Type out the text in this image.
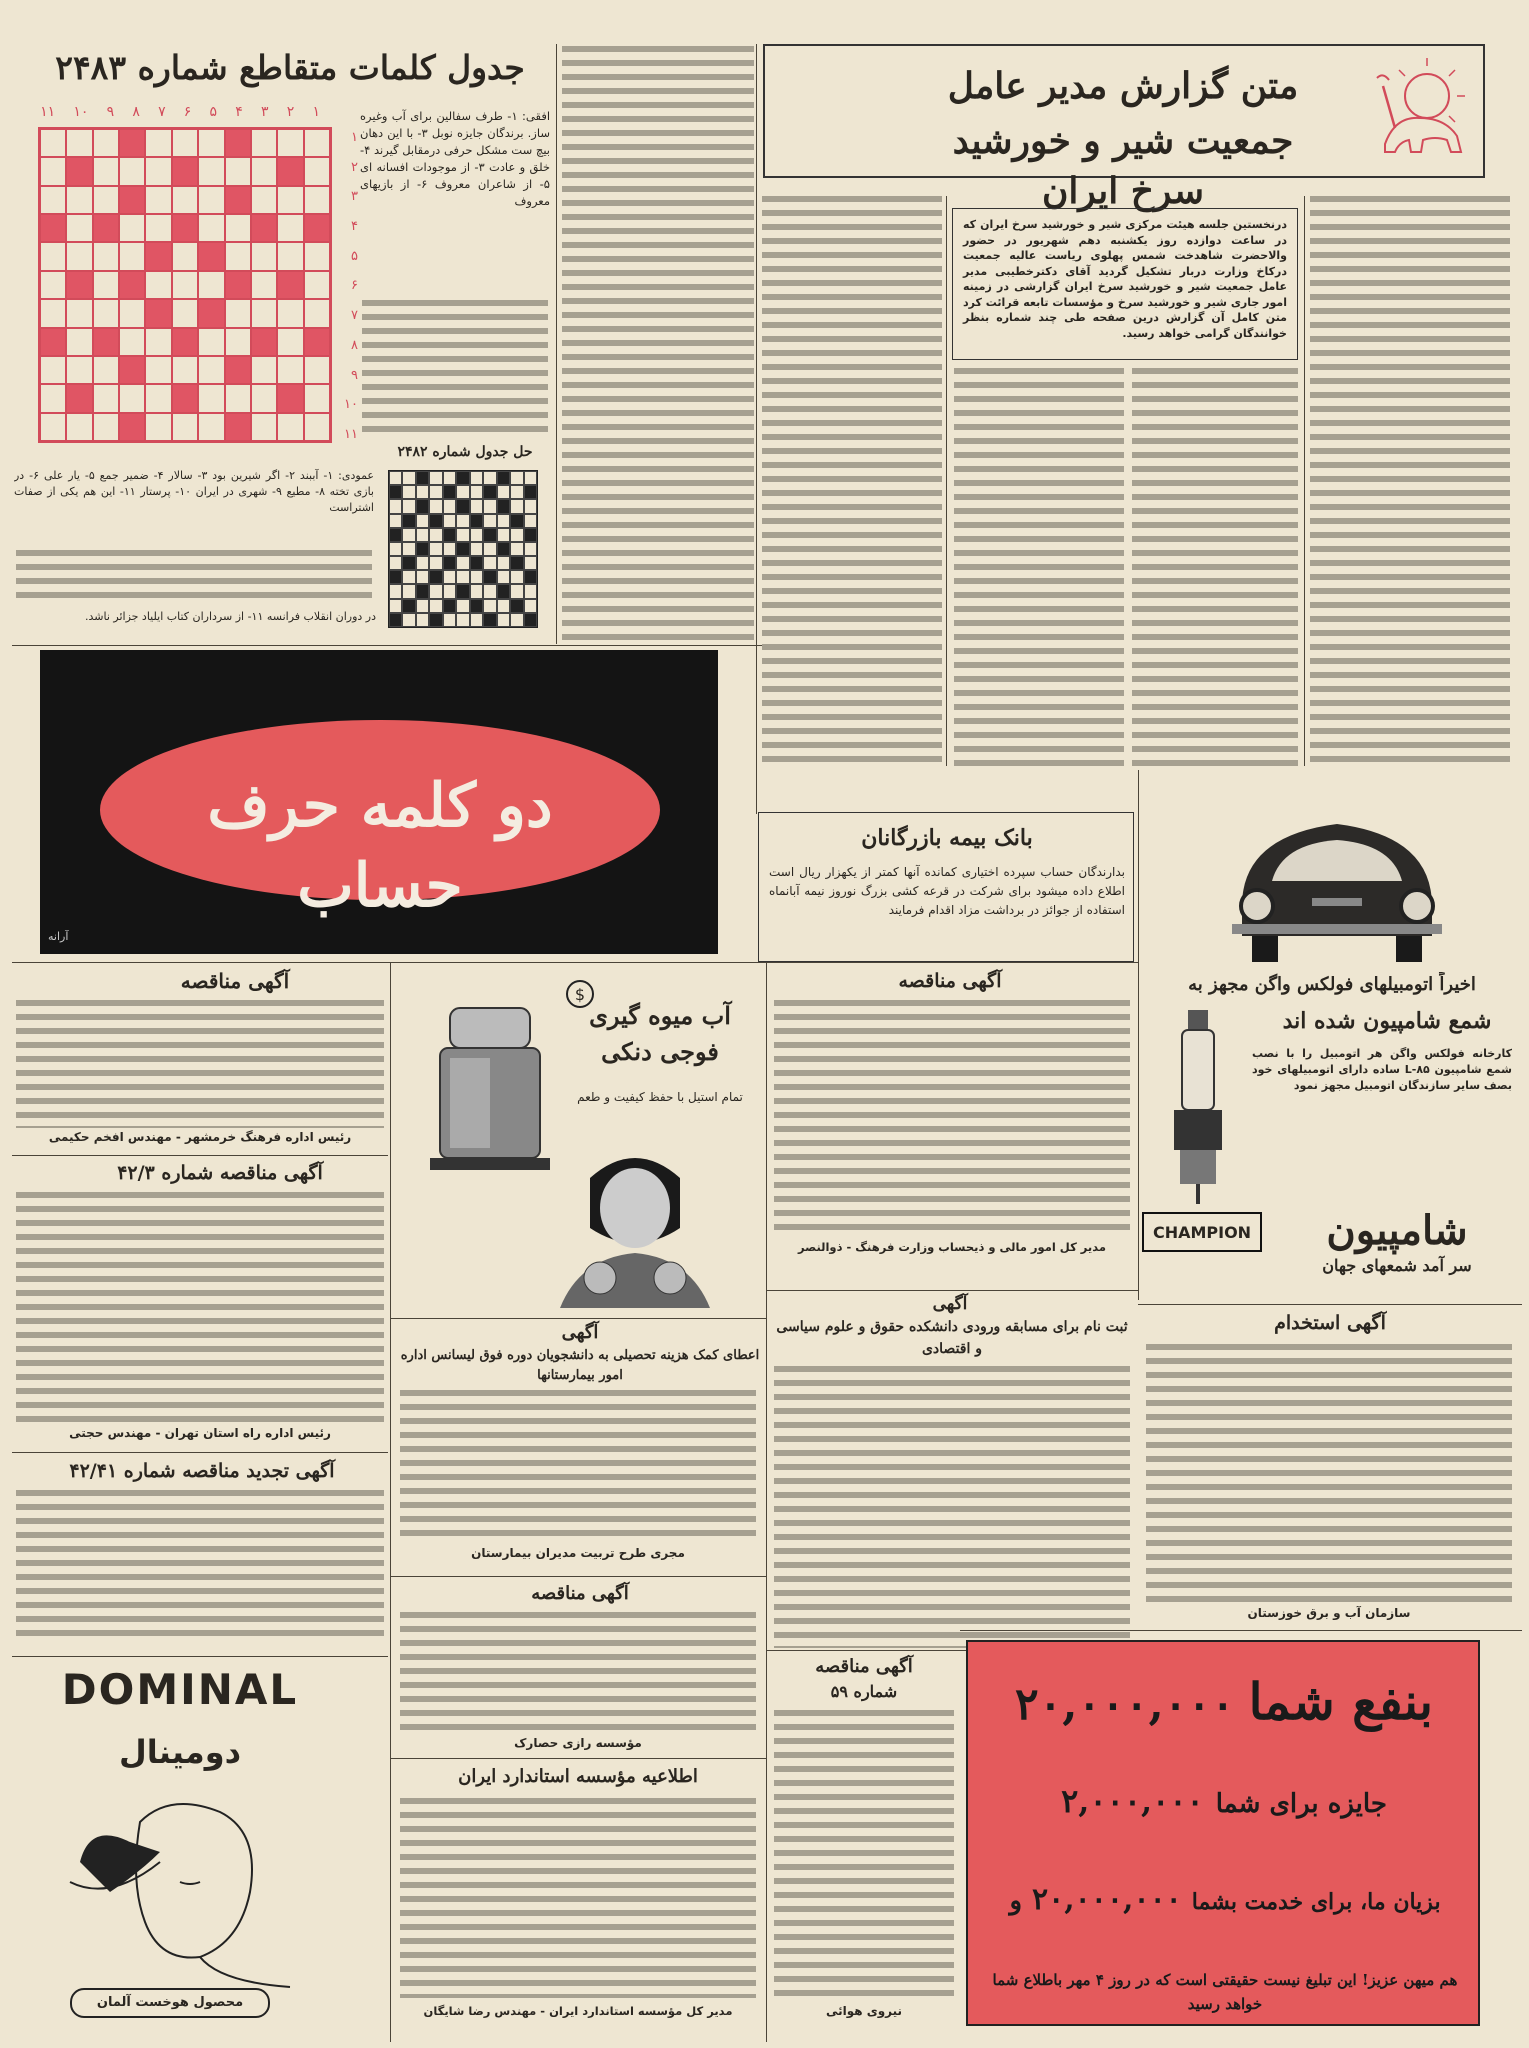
متن گزارش مدیر عامل
جمعیت شیر و خورشید سرخ ایران
جدول کلمات متقاطع شماره ۲۴۸۳
۱
۲
۳
۴
۵
۶
۷
۸
۹
۱۰
۱۱
۱
۲
۳
۴
۵
۶
۷
۸
۹
۱۰
۱۱
افقی: ۱- طرف سفالین برای آب وغیره ساز. برندگان جایزه نوبل ۳- با این دهان بیچ ست مشکل حرفی درمقابل گیرند ۴- خلق و عادت ۳- از موجودات افسانه ای ۵- از شاعران معروف ۶- از بازیهای معروف
حل جدول شماره ۲۴۸۲
عمودی: ۱- آببند ۲- اگر شیرین بود ۳- سالار ۴- ضمیر جمع ۵- یار علی ۶- در بازی تخته ۸- مطیع ۹- شهری در ایران ۱۰- پرستار ۱۱- این هم یکی از صفات اشتراست
در دوران انقلاب فرانسه ۱۱- از سرداران کتاب ایلیاد جزائر ناشد.
درنخستین جلسه هیئت مرکزی شیر و خورشید سرخ ایران که در ساعت دوازده روز یکشنبه دهم شهریور در حضور والاحضرت شاهدخت شمس پهلوی ریاست عالیه جمعیت درکاخ وزارت دربار تشکیل گردید آقای دکترخطیبی مدیر عامل جمعیت شیر و خورشید سرخ ایران گزارشی در زمینه امور جاری شیر و خورشید سرخ و مؤسسات تابعه قرائت کرد متن کامل آن گزارش درین صفحه طی چند شماره بنظر خوانندگان گرامی خواهد رسید.
دو کلمه حرف حساب
آرانه
بانک بیمه بازرگانان
بدارندگان حساب سپرده اختیاری کمانده آنها کمتر از یکهزار ریال است اطلاع داده میشود برای شرکت در قرعه کشی بزرگ نوروز نیمه آبانماه استفاده از جوائز در برداشت مزاد اقدام فرمایند
اخیراً اتومبیلهای فولکس واگن مجهز به
شمع شامپیون شده اند
کارخانه فولکس واگن هر اتومبیل را با نصب شمع شامپیون ۸۵-L ساده دارای اتومبیلهای خود بصف سایر سازندگان اتومبیل مجهز نمود
CHAMPION	شامپیون
سر آمد شمعهای جهان
آگهی مناقصه
رئیس اداره فرهنگ خرمشهر - مهندس افخم حکیمی
آگهی مناقصه شماره ۴۲/۳
رئیس اداره راه استان تهران - مهندس حجتی
آگهی تجدید مناقصه شماره ۴۲/۴۱
DOMINAL
دومینال
محصول هوخست آلمان
$
آب میوه گیری فوجی دنکی
تمام استیل با حفظ کیفیت و طعم
آگهی
اعطای کمک هزینه تحصیلی به دانشجویان دوره فوق لیسانس اداره امور بیمارستانها
مجری طرح تربیت مدیران بیمارستان
آگهی مناقصه
مؤسسه رازی حصارک
اطلاعیه مؤسسه استاندارد ایران
مدیر کل مؤسسه استاندارد ایران - مهندس رضا شایگان
آگهی مناقصه
مدیر کل امور مالی و ذیحساب وزارت فرهنگ - ذوالنصر
آگهی
ثبت نام برای مسابقه ورودی دانشکده حقوق و علوم سیاسی و اقتصادی
آگهی مناقصه
شماره ۵۹
نیروی هوائی
آگهی استخدام
سازمان آب و برق خوزستان
بنفع شما
۲۰,۰۰۰,۰۰۰
جایزه برای شما
۲,۰۰۰,۰۰۰
بزیان ما، برای خدمت بشما
۲۰,۰۰۰,۰۰۰
و
هم میهن عزیز! این تبلیغ نیست حقیقتی است که در روز ۴ مهر باطلاع شما خواهد رسید
